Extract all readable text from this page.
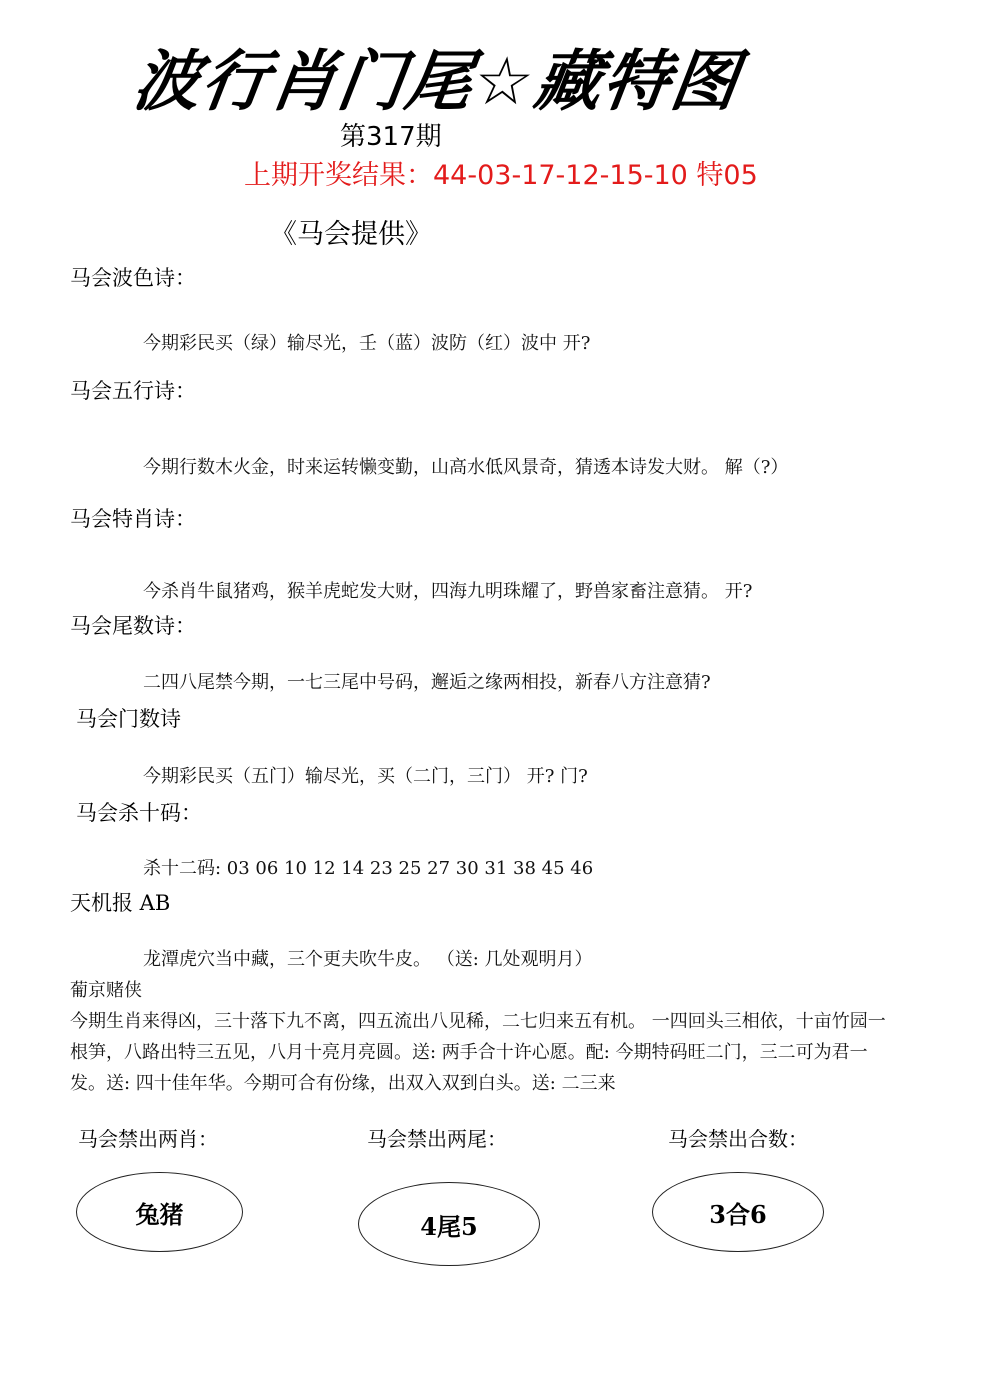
波行肖门尾☆藏特图
第317期
上期开奖结果：44-03-17-12-15-10 特05
《马会提供》
马会波色诗：
今期彩民买（绿）输尽光，壬（蓝）波防（红）波中 开?
马会五行诗：
今期行数木火金，时来运转懒变勤，山高水低风景奇，猜透本诗发大财。 解（?）
马会特肖诗：
今杀肖牛鼠猪鸡，猴羊虎蛇发大财，四海九明珠耀了，野兽家畜注意猜。 开?
马会尾数诗：
二四八尾禁今期，一七三尾中号码，邂逅之缘两相投，新春八方注意猜?
马会门数诗
今期彩民买（五门）输尽光，买（二门，三门） 开? 门?
马会杀十码：
杀十二码: 03 06 10 12 14 23 25 27 30 31 38 45 46
天机报 AB
龙潭虎穴当中藏，三个更夫吹牛皮。 （送: 几处观明月）
葡京赌侠
今期生肖来得凶，三十落下九不离，四五流出八见稀，二七归来五有机。 一四回头三相依，十亩竹园一根笋，八路出特三五见，八月十亮月亮圆。送: 两手合十许心愿。配: 今期特码旺二门，三二可为君一发。送: 四十佳年华。今期可合有份缘，出双入双到白头。送: 二三来
马会禁出两肖：	马会禁出两尾：	马会禁出合数：
兔猪	4尾5	3合6
